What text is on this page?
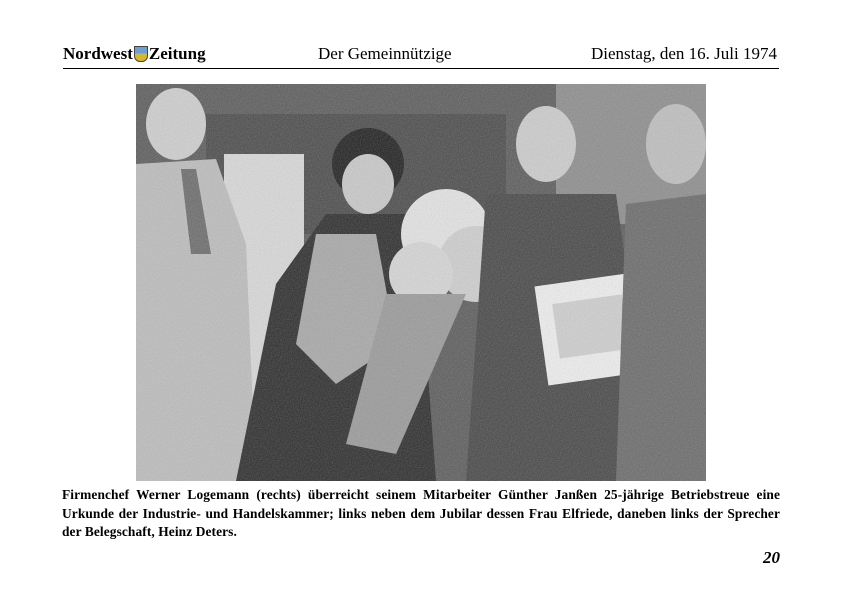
Nordwest Zeitung	Der Gemeinnützige	Dienstag, den 16. Juli 1974
Firmenchef Werner Logemann (rechts) überreicht seinem Mitarbeiter Günther Janßen 25-jährige Betriebstreue eine Urkunde der Industrie- und Handelskammer; links neben dem Jubilar dessen Frau Elfriede, daneben links der Sprecher der Belegschaft, Heinz Deters.
20
